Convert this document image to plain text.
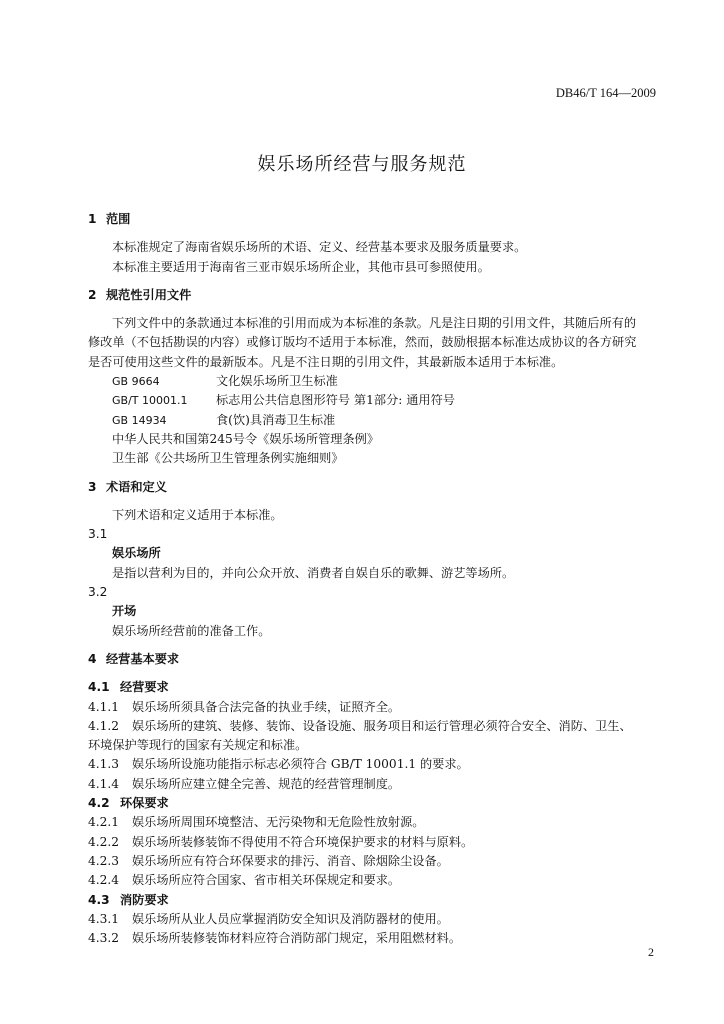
DB46/T 164—2009
娱乐场所经营与服务规范
1 范围
本标准规定了海南省娱乐场所的术语、定义、经营基本要求及服务质量要求。
本标准主要适用于海南省三亚市娱乐场所企业，其他市县可参照使用。
2 规范性引用文件
下列文件中的条款通过本标准的引用而成为本标准的条款。凡是注日期的引用文件，其随后所有的
修改单（不包括勘误的内容）或修订版均不适用于本标准，然而，鼓励根据本标准达成协议的各方研究
是否可使用这些文件的最新版本。凡是不注日期的引用文件，其最新版本适用于本标准。
GB 9664	文化娱乐场所卫生标准
GB/T 10001.1	标志用公共信息图形符号 第1部分: 通用符号
GB 14934	食(饮)具消毒卫生标准
中华人民共和国第245号令《娱乐场所管理条例》
卫生部《公共场所卫生管理条例实施细则》
3 术语和定义
下列术语和定义适用于本标准。
3.1
娱乐场所
是指以营利为目的，并向公众开放、消费者自娱自乐的歌舞、游艺等场所。
3.2
开场
娱乐场所经营前的准备工作。
4 经营基本要求
4.1 经营要求
4.1.1 娱乐场所须具备合法完备的执业手续，证照齐全。
4.1.2 娱乐场所的建筑、装修、装饰、设备设施、服务项目和运行管理必须符合安全、消防、卫生、
环境保护等现行的国家有关规定和标准。
4.1.3 娱乐场所设施功能指示标志必须符合 GB/T 10001.1 的要求。
4.1.4 娱乐场所应建立健全完善、规范的经营管理制度。
4.2 环保要求
4.2.1 娱乐场所周围环境整洁、无污染物和无危险性放射源。
4.2.2 娱乐场所装修装饰不得使用不符合环境保护要求的材料与原料。
4.2.3 娱乐场所应有符合环保要求的排污、消音、除烟除尘设备。
4.2.4 娱乐场所应符合国家、省市相关环保规定和要求。
4.3 消防要求
4.3.1 娱乐场所从业人员应掌握消防安全知识及消防器材的使用。
4.3.2 娱乐场所装修装饰材料应符合消防部门规定，采用阻燃材料。
2
